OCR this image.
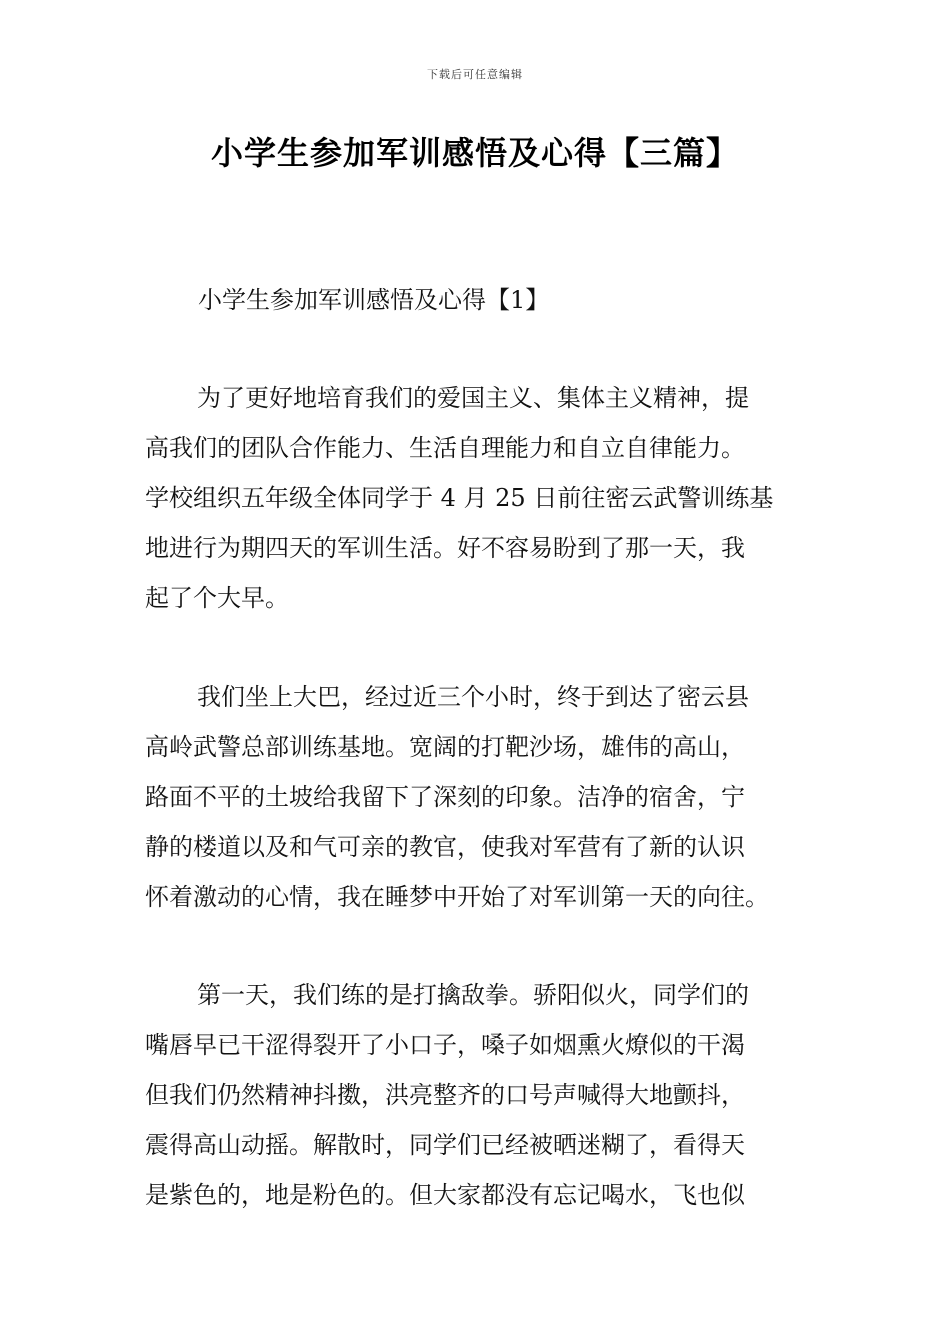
下载后可任意编辑
小学生参加军训感悟及心得【三篇】
小学生参加军训感悟及心得【1】
为了更好地培育我们的爱国主义、集体主义精神，提
高我们的团队合作能力、生活自理能力和自立自律能力。
学校组织五年级全体同学于 4 月 25 日前往密云武警训练基
地进行为期四天的军训生活。好不容易盼到了那一天，我
起了个大早。
我们坐上大巴，经过近三个小时，终于到达了密云县
高岭武警总部训练基地。宽阔的打靶沙场，雄伟的高山，
路面不平的土坡给我留下了深刻的印象。洁净的宿舍，宁
静的楼道以及和气可亲的教官，使我对军营有了新的认识
怀着激动的心情，我在睡梦中开始了对军训第一天的向往。
第一天，我们练的是打擒敌拳。骄阳似火，同学们的
嘴唇早已干涩得裂开了小口子，嗓子如烟熏火燎似的干渴
但我们仍然精神抖擞，洪亮整齐的口号声喊得大地颤抖，
震得高山动摇。解散时，同学们已经被晒迷糊了，看得天
是紫色的，地是粉色的。但大家都没有忘记喝水，飞也似
